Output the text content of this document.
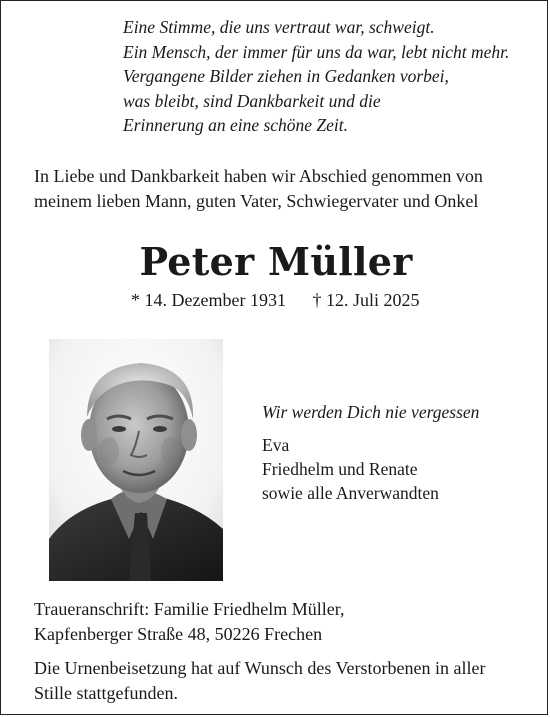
Eine Stimme, die uns vertraut war, schweigt.
Ein Mensch, der immer für uns da war, lebt nicht mehr.
Vergangene Bilder ziehen in Gedanken vorbei,
was bleibt, sind Dankbarkeit und die
Erinnerung an eine schöne Zeit.
In Liebe und Dankbarkeit haben wir Abschied genommen von
meinem lieben Mann, guten Vater, Schwiegervater und Onkel
Peter Müller
* 14. Dezember 1931 † 12. Juli 2025
Wir werden Dich nie vergessen
Eva
Friedhelm und Renate
sowie alle Anverwandten
Traueranschrift: Familie Friedhelm Müller,
Kapfenberger Straße 48, 50226 Frechen
Die Urnenbeisetzung hat auf Wunsch des Verstorbenen in aller
Stille stattgefunden.
